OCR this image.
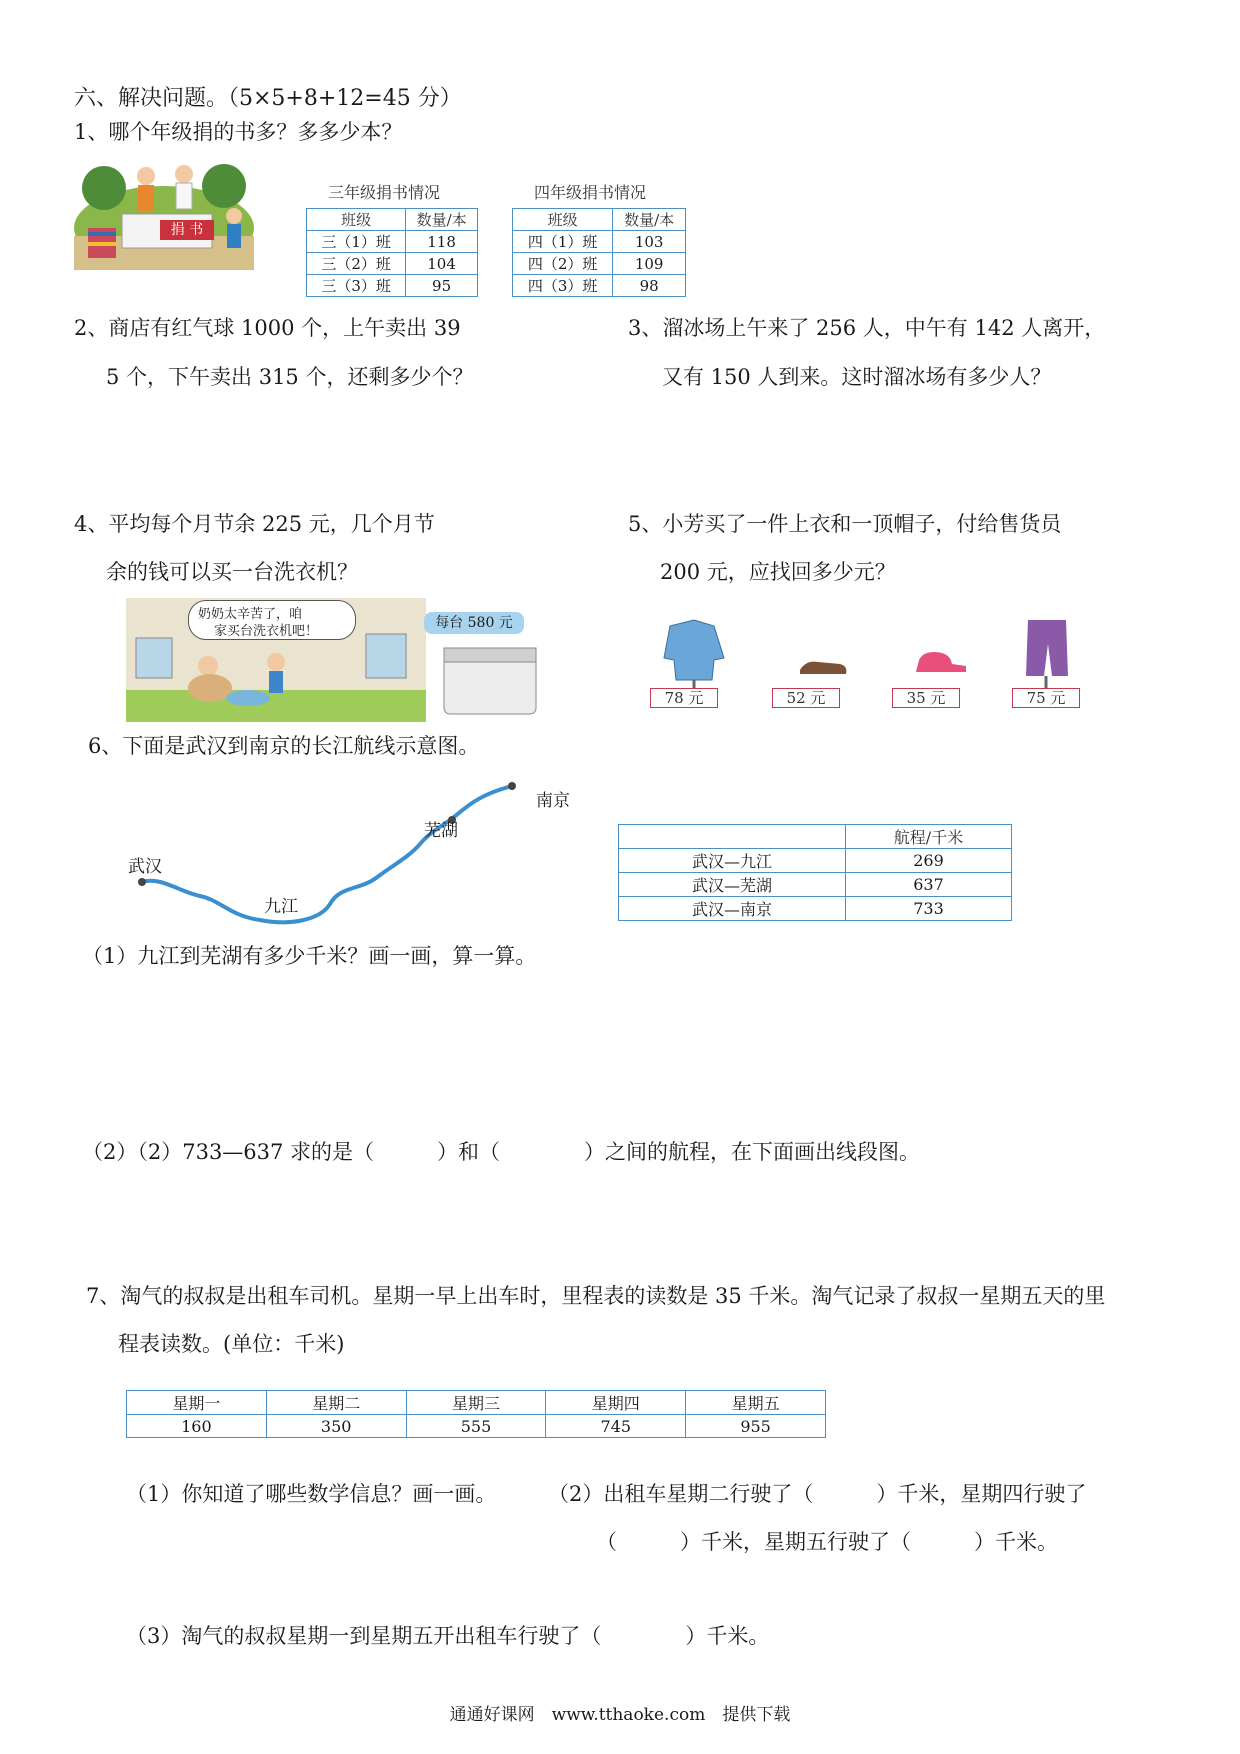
六、解决问题。（5×5+8+12=45 分）
1、哪个年级捐的书多？多多少本？
捐 书
三年级捐书情况
班级	数量/本
三（1）班	118
三（2）班	104
三（3）班	95
四年级捐书情况
班级	数量/本
四（1）班	103
四（2）班	109
四（3）班	98
2、商店有红气球 1000 个，上午卖出 39
5 个，下午卖出 315 个，还剩多少个？
3、溜冰场上午来了 256 人，中午有 142 人离开，
又有 150 人到来。这时溜冰场有多少人？
4、平均每个月节余 225 元，几个月节
余的钱可以买一台洗衣机？
奶奶太辛苦了，咱
家买台洗衣机吧！
每台 580 元
5、小芳买了一件上衣和一顶帽子，付给售货员
200 元，应找回多少元？
78 元	52 元	35 元	75 元
6、下面是武汉到南京的长江航线示意图。
武汉
九江
芜湖
南京
	航程/千米
武汉—九江	269
武汉—芜湖	637
武汉—南京	733
（1）九江到芜湖有多少千米？画一画，算一算。
（2）（2）733—637 求的是（　　　）和（　　　　）之间的航程，在下面画出线段图。
7、淘气的叔叔是出租车司机。星期一早上出车时，里程表的读数是 35 千米。淘气记录了叔叔一星期五天的里
程表读数。(单位：千米)
星期一	星期二	星期三	星期四	星期五
160	350	555	745	955
（1）你知道了哪些数学信息？画一画。 （2）出租车星期二行驶了（　　　）千米，星期四行驶了
（　　　）千米，星期五行驶了（　　　）千米。
（3）淘气的叔叔星期一到星期五开出租车行驶了（　　　　）千米。
通通好课网　www.tthaoke.com　提供下载
